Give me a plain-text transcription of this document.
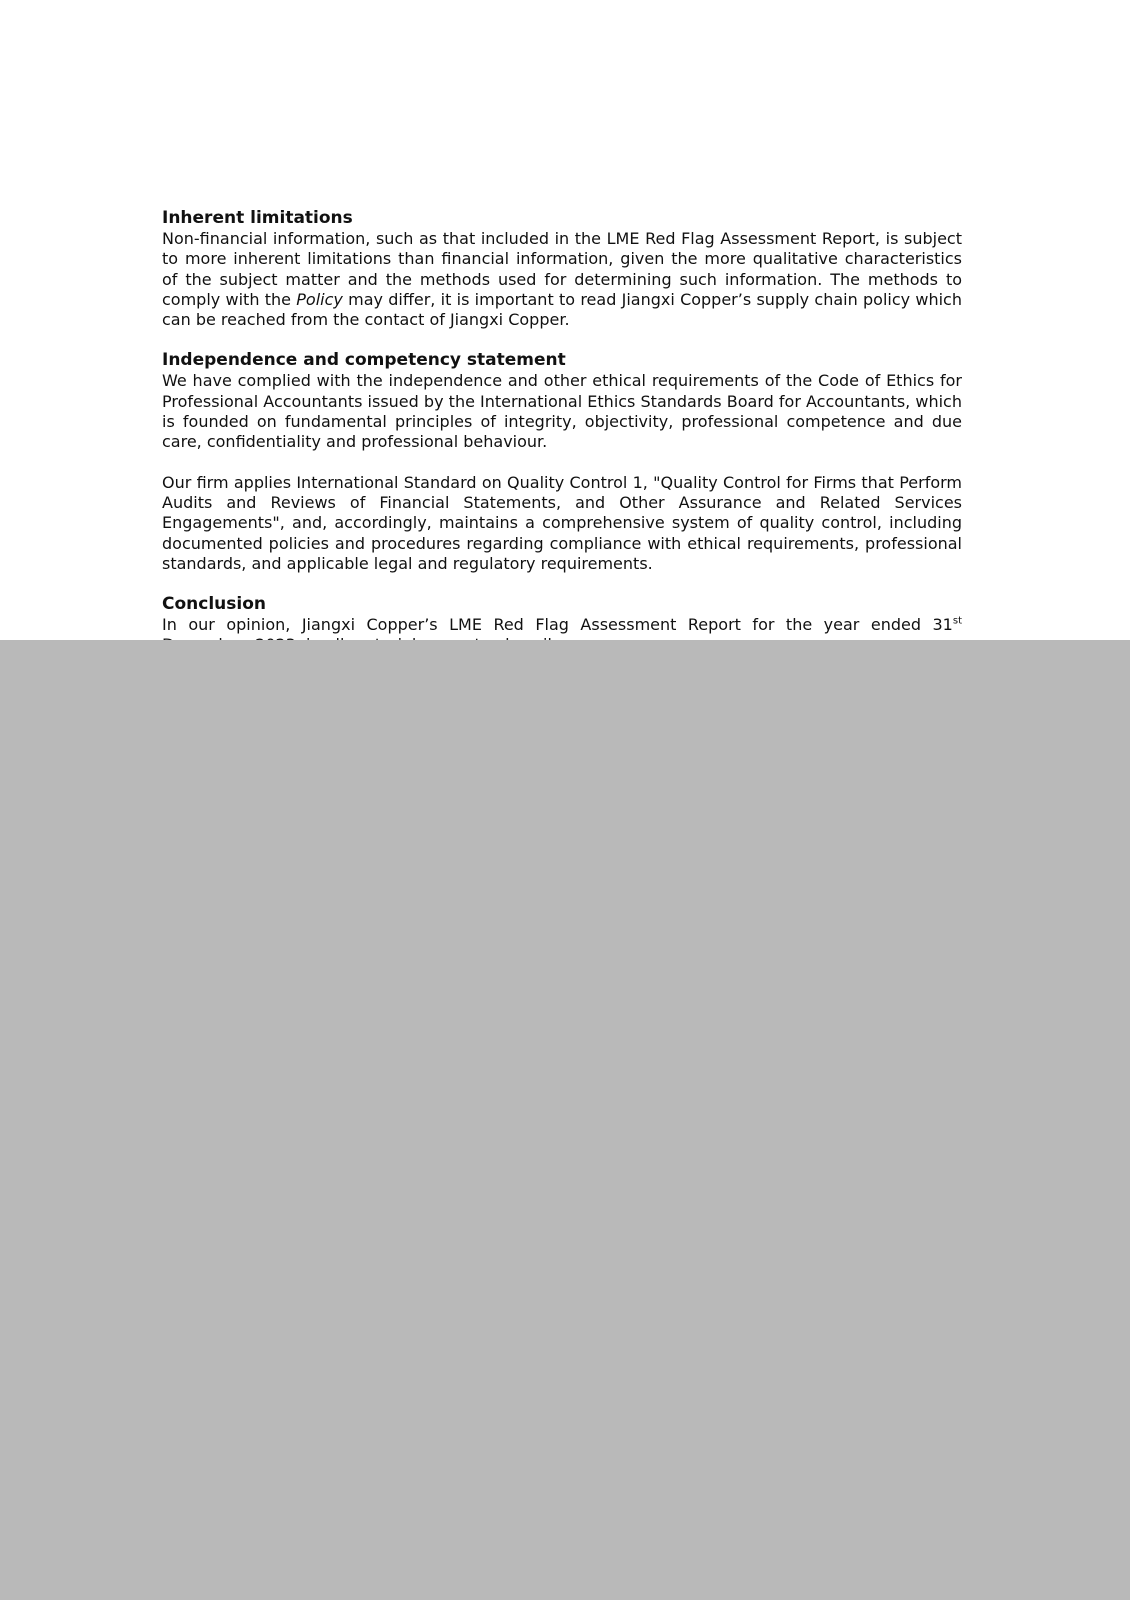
Inherent limitations

Non-financial information, such as that included in the LME Red Flag Assessment Report, is subject to more inherent limitations than financial information, given the more qualitative characteristics of the subject matter and the methods used for determining such information. The methods to comply with the Policy may differ, it is important to read Jiangxi Copper’s supply chain policy which can be reached from the contact of Jiangxi Copper.

Independence and competency statement

We have complied with the independence and other ethical requirements of the Code of Ethics for Professional Accountants issued by the International Ethics Standards Board for Accountants, which is founded on fundamental principles of integrity, objectivity, professional competence and due care, confidentiality and professional behaviour.

Our firm applies International Standard on Quality Control 1, "Quality Control for Firms that Perform Audits and Reviews of Financial Statements, and Other Assurance and Related Services Engagements", and, accordingly, maintains a comprehensive system of quality control, including documented policies and procedures regarding compliance with ethical requirements, professional standards, and applicable legal and regulatory requirements.

Conclusion

In our opinion, Jiangxi Copper’s LME Red Flag Assessment Report for the year ended 31st
